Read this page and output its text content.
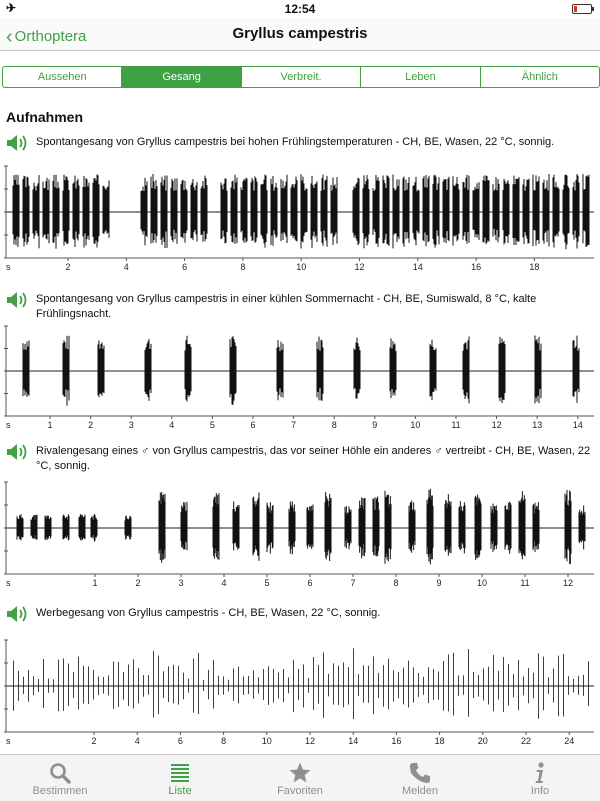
✈	12:54
‹ Orthoptera	Gryllus campestris
Aussehen	Gesang	Verbreit.	Leben	Ähnlich
Aufnahmen
Spontangesang von Gryllus campestris bei hohen Frühlingstemperaturen - CH, BE, Wasen, 22 °C, sonnig.
s	2	4	6	8	10	12	14	16	18
Spontangesang von Gryllus campestris in einer kühlen Sommernacht - CH, BE, Sumiswald, 8 °C, kalte Frühlingsnacht.
s	1	2	3	4	5	6	7	8	9	10	11	12	13	14
Rivalengesang eines ♂ von Gryllus campestris, das vor seiner Höhle ein anderes ♂ vertreibt - CH, BE, Wasen, 22 °C, sonnig.
s	1	2	3	4	5	6	7	8	9	10	11	12
Werbegesang von Gryllus campestris - CH, BE, Wasen, 22 °C, sonnig.
s	2	4	6	8	10	12	14	16	18	20	22	24
Bestimmen	Liste	Favoriten	Melden	Info
